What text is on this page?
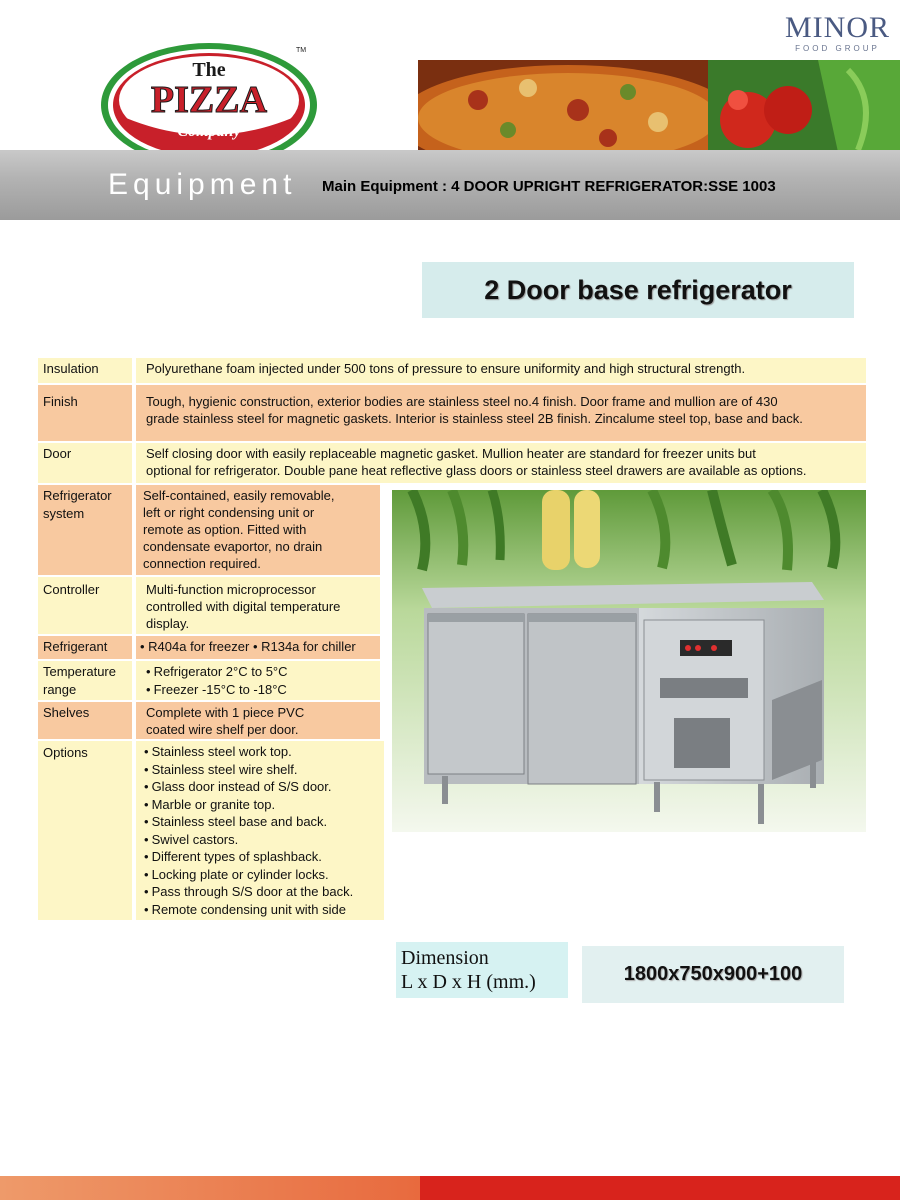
The
PIZZA
Company
TM
MINOR
FOOD GROUP
Equipment Main Equipment : 4 DOOR UPRIGHT REFRIGERATOR:SSE 1003
2 Door base refrigerator
Insulation	Polyurethane foam injected under 500 tons of pressure to ensure uniformity and high structural strength.
Finish	Tough, hygienic construction, exterior bodies are stainless steel no.4 finish. Door frame and mullion are of 430
grade stainless steel for magnetic gaskets. Interior is stainless steel 2B finish. Zincalume steel top, base and back.
Door	Self closing door with easily replaceable magnetic gasket. Mullion heater are standard for freezer units but
optional for refrigerator. Double pane heat reflective glass doors or stainless steel drawers are available as options.
Refrigerator
system
Self-contained, easily removable,
left or right condensing unit or
remote as option. Fitted with
condensate evaportor, no drain
connection required.
Controller	Multi-function microprocessor
controlled with digital temperature
display.
Refrigerant	• R404a for freezer • R134a for chiller
Temperature
range
• Refrigerator 2°C to 5°C
• Freezer -15°C to -18°C
Shelves	Complete with 1 piece PVC
coated wire shelf per door.
Options
•	Stainless steel work top.
• Stainless steel wire shelf.
• Glass door instead of S/S door.
• Marble or granite top.
• Stainless steel base and back.
• Swivel castors.
• Different types of splashback.
• Locking plate or cylinder locks.
• Pass through S/S door at the back.
• Remote condensing unit with side
Dimension
L x D x H (mm.)	1800x750x900+100
